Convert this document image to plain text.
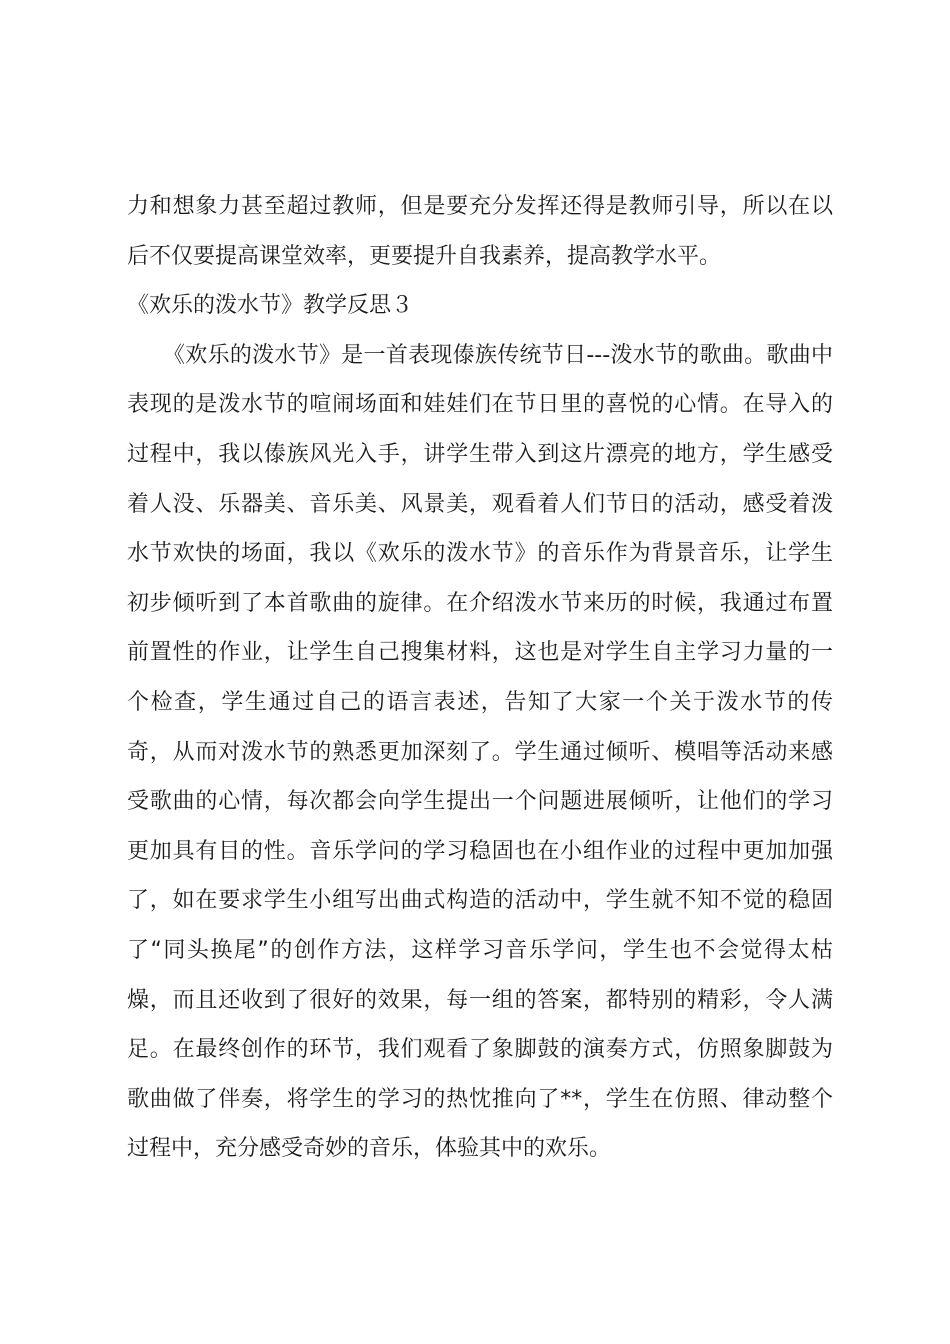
力和想象力甚至超过教师，但是要充分发挥还得是教师引导，所以在以
后不仅要提高课堂效率，更要提升自我素养，提高教学水平。
《欢乐的泼水节》教学反思３
《欢乐的泼水节》是一首表现傣族传统节日---泼水节的歌曲。歌曲中
表现的是泼水节的喧闹场面和娃娃们在节日里的喜悦的心情。在导入的
过程中，我以傣族风光入手，讲学生带入到这片漂亮的地方，学生感受
着人没、乐器美、音乐美、风景美，观看着人们节日的活动，感受着泼
水节欢快的场面，我以《欢乐的泼水节》的音乐作为背景音乐，让学生
初步倾听到了本首歌曲的旋律。在介绍泼水节来历的时候，我通过布置
前置性的作业，让学生自己搜集材料，这也是对学生自主学习力量的一
个检查，学生通过自己的语言表述，告知了大家一个关于泼水节的传
奇，从而对泼水节的熟悉更加深刻了。学生通过倾听、模唱等活动来感
受歌曲的心情，每次都会向学生提出一个问题进展倾听，让他们的学习
更加具有目的性。音乐学问的学习稳固也在小组作业的过程中更加加强
了，如在要求学生小组写出曲式构造的活动中，学生就不知不觉的稳固
了“同头换尾”的创作方法，这样学习音乐学问，学生也不会觉得太枯
燥，而且还收到了很好的效果，每一组的答案，都特别的精彩，令人满
足。在最终创作的环节，我们观看了象脚鼓的演奏方式，仿照象脚鼓为
歌曲做了伴奏，将学生的学习的热忱推向了**，学生在仿照、律动整个
过程中，充分感受奇妙的音乐，体验其中的欢乐。
